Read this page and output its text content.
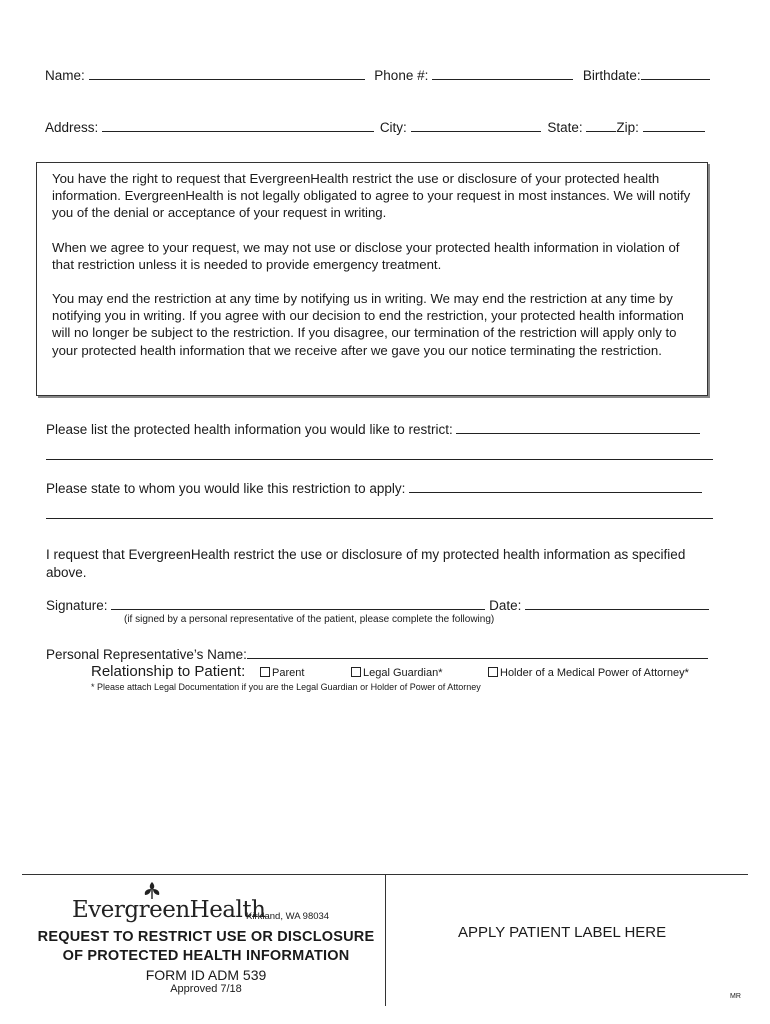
Name:	Phone #:	Birthdate:
Address:	City:	State:	Zip:

You have the right to request that EvergreenHealth restrict the use or disclosure of your protected health information. EvergreenHealth is not legally obligated to agree to your request in most instances. We will notify you of the denial or acceptance of your request in writing.

When we agree to your request, we may not use or disclose your protected health information in violation of that restriction unless it is needed to provide emergency treatment.

You may end the restriction at any time by notifying us in writing. We may end the restriction at any time by notifying you in writing. If you agree with our decision to end the restriction, your protected health information will no longer be subject to the restriction. If you disagree, our termination of the restriction will apply only to your protected health information that we receive after we gave you our notice terminating the restriction.

Please list the protected health information you would like to restrict:
Please state to whom you would like this restriction to apply:
I request that EvergreenHealth restrict the use or disclosure of my protected health information as specified above.
Signature:	Date:
(if signed by a personal representative of the patient, please complete the following)
Personal Representative’s Name:
Relationship to Patient:	Parent	Legal Guardian*	Holder of a Medical Power of Attorney*
* Please attach Legal Documentation if you are the Legal Guardian or Holder of Power of Attorney
EvergreenHealth
Kirkland, WA 98034
REQUEST TO RESTRICT USE OR DISCLOSURE
OF PROTECTED HEALTH INFORMATION
FORM ID ADM 539
Approved 7/18
APPLY PATIENT LABEL HERE
MR
